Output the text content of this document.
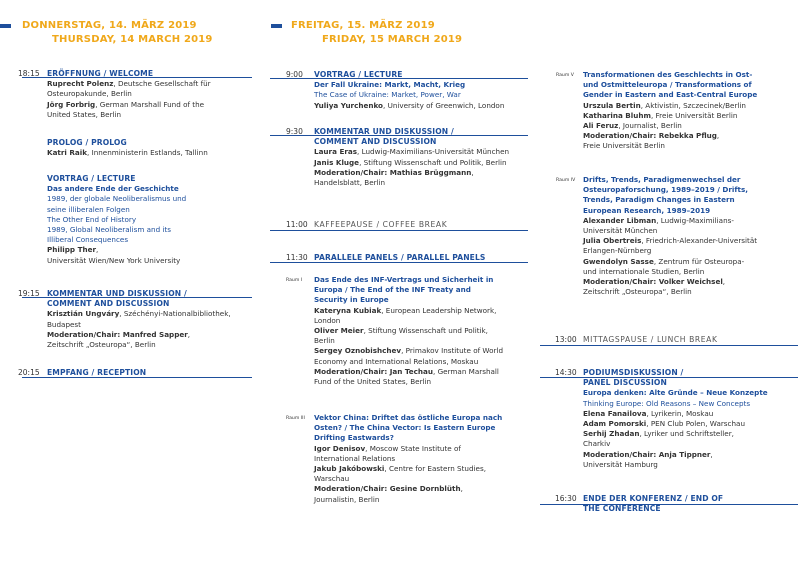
DONNERSTAG, 14. MÄRZ 2019
THURSDAY, 14 MARCH 2019
18:15 ERÖFFNUNG / WELCOME
Ruprecht Polenz, Deutsche Gesellschaft für
Osteuropakunde, Berlin
Jörg Forbrig, German Marshall Fund of the
United States, Berlin
PROLOG / PROLOG
Katri Raik, Innenministerin Estlands, Tallinn
VORTRAG / LECTURE
Das andere Ende der Geschichte
1989, der globale Neoliberalismus und
seine illiberalen Folgen
The Other End of History
1989, Global Neoliberalism and its
Illiberal Consequences
Philipp Ther,
Universität Wien/New York University
19:15 KOMMENTAR UND DISKUSSION /
COMMENT AND DISCUSSION
Krisztián Ungváry, Széchényi-Nationalbibliothek,
Budapest
Moderation/Chair: Manfred Sapper,
Zeitschrift „Osteuropa“, Berlin
20:15 EMPFANG / RECEPTION
FREITAG, 15. MÄRZ 2019
FRIDAY, 15 MARCH 2019
9:00 VORTRAG / LECTURE
Der Fall Ukraine: Markt, Macht, Krieg
The Case of Ukraine: Market, Power, War
Yuliya Yurchenko, University of Greenwich, London
9:30 KOMMENTAR UND DISKUSSION /
COMMENT AND DISCUSSION
Laura Eras, Ludwig-Maximilians-Universität München
Janis Kluge, Stiftung Wissenschaft und Politik, Berlin
Moderation/Chair: Mathias Brüggmann,
Handelsblatt, Berlin
11:00 KAFFEEPAUSE / COFFEE BREAK
11:30 PARALLELE PANELS / PARALLEL PANELS
Raum I Das Ende des INF-Vertrags und Sicherheit in
Europa / The End of the INF Treaty and
Security in Europe
Kateryna Kubiak, European Leadership Network,
London
Oliver Meier, Stiftung Wissenschaft und Politik,
Berlin
Sergey Oznobishchev, Primakov Institute of World
Economy and International Relations, Moskau
Moderation/Chair: Jan Techau, German Marshall
Fund of the United States, Berlin
Raum III Vektor China: Driftet das östliche Europa nach
Osten? / The China Vector: Is Eastern Europe
Drifting Eastwards?
Igor Denisov, Moscow State Institute of
International Relations
Jakub Jakóbowski, Centre for Eastern Studies,
Warschau
Moderation/Chair: Gesine Dornblüth,
Journalistin, Berlin
Raum V Transformationen des Geschlechts in Ost-
und Ostmitteleuropa / Transformations of
Gender in Eastern and East-Central Europe
Urszula Bertin, Aktivistin, Szczecinek/Berlin
Katharina Bluhm, Freie Universität Berlin
Ali Feruz, Journalist, Berlin
Moderation/Chair: Rebekka Pflug,
Freie Universität Berlin
Raum IV Drifts, Trends, Paradigmenwechsel der
Osteuropaforschung, 1989–2019 / Drifts,
Trends, Paradigm Changes in Eastern
European Research, 1989–2019
Alexander Libman, Ludwig-Maximilians-
Universität München
Julia Obertreis, Friedrich-Alexander-Universität
Erlangen-Nürnberg
Gwendolyn Sasse, Zentrum für Osteuropa-
und internationale Studien, Berlin
Moderation/Chair: Volker Weichsel,
Zeitschrift „Osteuropa“, Berlin
13:00 MITTAGSPAUSE / LUNCH BREAK
14:30 PODIUMSDISKUSSION /
PANEL DISCUSSION
Europa denken: Alte Gründe – Neue Konzepte
Thinking Europe: Old Reasons – New Concepts
Elena Fanailova, Lyrikerin, Moskau
Adam Pomorski, PEN Club Polen, Warschau
Serhij Zhadan, Lyriker und Schriftsteller,
Charkiv
Moderation/Chair: Anja Tippner,
Universität Hamburg
16:30 ENDE DER KONFERENZ / END OF
THE CONFERENCE
